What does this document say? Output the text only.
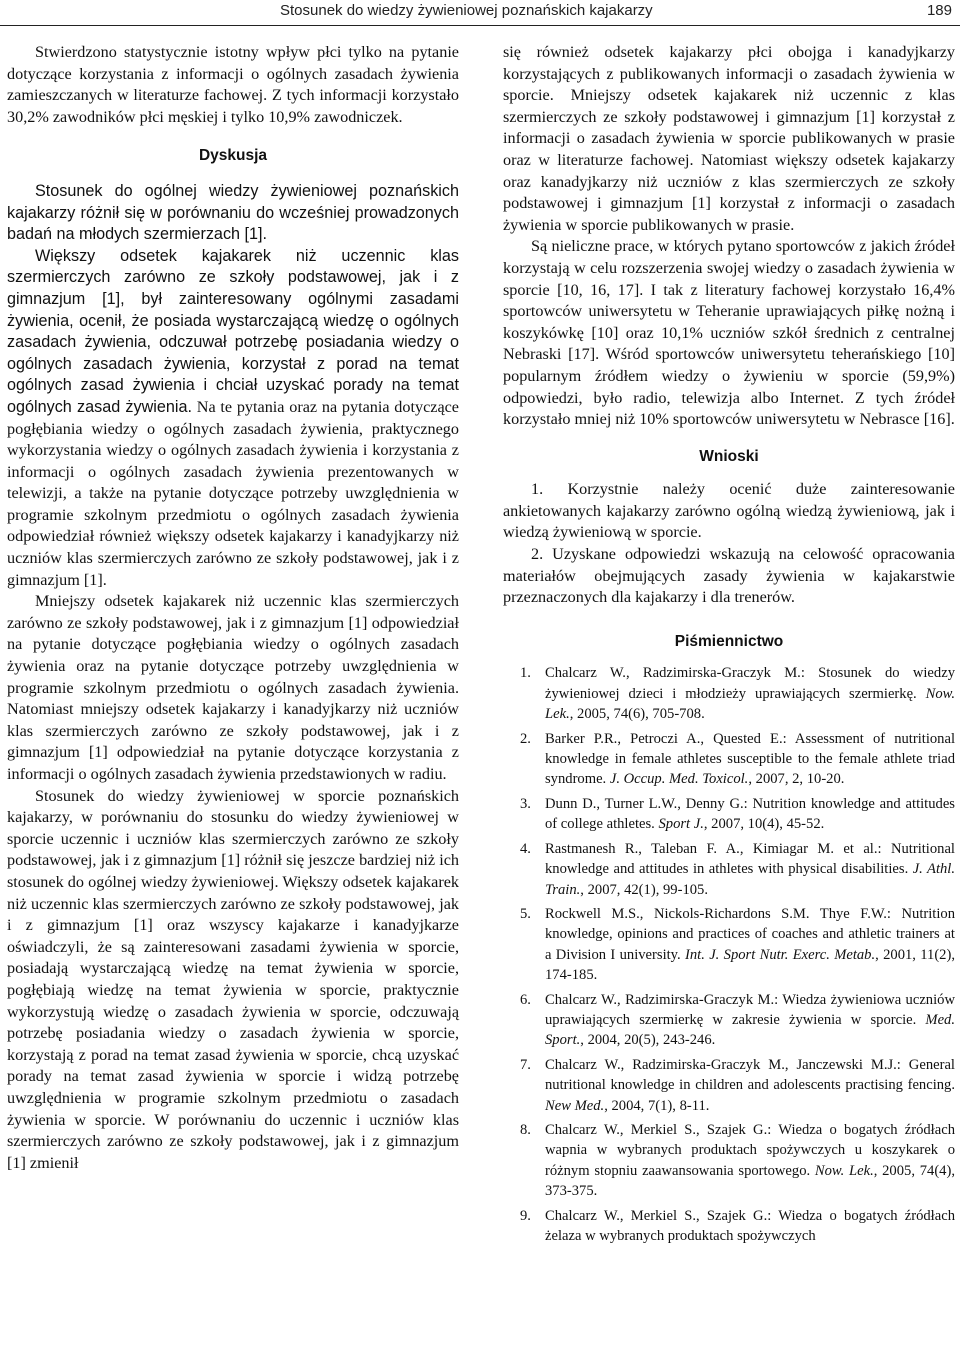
Stosunek do wiedzy żywieniowej poznańskich kajakarzy	189

Stwierdzono statystycznie istotny wpływ płci tylko na pytanie dotyczące korzystania z informacji o ogólnych zasadach żywienia zamieszczanych w literaturze fachowej. Z tych informacji korzystało 30,2% zawodników płci męskiej i tylko 10,9% zawodniczek.

Dyskusja

Stosunek do ogólnej wiedzy żywieniowej poznańskich kajakarzy różnił się w porównaniu do wcześniej prowadzonych badań na młodych szermierzach [1].

Większy odsetek kajakarek niż uczennic klas szermierczych zarówno ze szkoły podstawowej, jak i z gimnazjum [1], był zainteresowany ogólnymi zasadami żywienia, ocenił, że posiada wystarczającą wiedzę o ogólnych zasadach żywienia, odczuwał potrzebę posiadania wiedzy o ogólnych zasadach żywienia, korzystał z porad na temat ogólnych zasad żywienia i chciał uzyskać porady na temat ogólnych zasad żywienia. Na te pytania oraz na pytania dotyczące pogłębiania wiedzy o ogólnych zasadach żywienia, praktycznego wykorzystania wiedzy o ogólnych zasadach żywienia i korzystania z informacji o ogólnych zasadach żywienia prezentowanych w telewizji, a także na pytanie dotyczące potrzeby uwzględnienia w programie szkolnym przedmiotu o ogólnych zasadach żywienia odpowiedział również większy odsetek kajakarzy i kanadyjkarzy niż uczniów klas szermierczych zarówno ze szkoły podstawowej, jak i z gimnazjum [1].

Mniejszy odsetek kajakarek niż uczennic klas szermierczych zarówno ze szkoły podstawowej, jak i z gimnazjum [1] odpowiedział na pytanie dotyczące pogłębiania wiedzy o ogólnych zasadach żywienia oraz na pytanie dotyczące potrzeby uwzględnienia w programie szkolnym przedmiotu o ogólnych zasadach żywienia. Natomiast mniejszy odsetek kajakarzy i kanadyjkarzy niż uczniów klas szermierczych zarówno ze szkoły podstawowej, jak i z gimnazjum [1] odpowiedział na pytanie dotyczące korzystania z informacji o ogólnych zasadach żywienia przedstawionych w radiu.

Stosunek do wiedzy żywieniowej w sporcie poznańskich kajakarzy, w porównaniu do stosunku do wiedzy żywieniowej w sporcie uczennic i uczniów klas szermierczych zarówno ze szkoły podstawowej, jak i z gimnazjum [1] różnił się jeszcze bardziej niż ich stosunek do ogólnej wiedzy żywieniowej. Większy odsetek kajakarek niż uczennic klas szermierczych zarówno ze szkoły podstawowej, jak i z gimnazjum [1] oraz wszyscy kajakarze i kanadyjkarze oświadczyli, że są zainteresowani zasadami żywienia w sporcie, posiadają wystarczającą wiedzę na temat żywienia w sporcie, pogłębiają wiedzę na temat żywienia w sporcie, praktycznie wykorzystują wiedzę o zasadach żywienia w sporcie, odczuwają potrzebę posiadania wiedzy o zasadach żywienia w sporcie, korzystają z porad na temat zasad żywienia w sporcie, chcą uzyskać porady na temat zasad żywienia w sporcie i widzą potrzebę uwzględnienia w programie szkolnym przedmiotu o zasadach żywienia w sporcie. W porównaniu do uczennic i uczniów klas szermierczych zarówno ze szkoły podstawowej, jak i z gimnazjum [1] zmienił

się również odsetek kajakarzy płci obojga i kanadyjkarzy korzystających z publikowanych informacji o zasadach żywienia w sporcie. Mniejszy odsetek kajakarek niż uczennic z klas szermierczych ze szkoły podstawowej i gimnazjum [1] korzystał z informacji o zasadach żywienia w sporcie publikowanych w prasie oraz w literaturze fachowej. Natomiast większy odsetek kajakarzy oraz kanadyjkarzy niż uczniów z klas szermierczych ze szkoły podstawowej i gimnazjum [1] korzystał z informacji o zasadach żywienia w sporcie publikowanych w prasie.

Są nieliczne prace, w których pytano sportowców z jakich źródeł korzystają w celu rozszerzenia swojej wiedzy o zasadach żywienia w sporcie [10, 16, 17]. I tak z literatury fachowej korzystało 16,4% sportowców uniwersytetu w Teheranie uprawiających piłkę nożną i koszykówkę [10] oraz 10,1% uczniów szkół średnich z centralnej Nebraski [17]. Wśród sportowców uniwersytetu teherańskiego [10] popularnym źródłem wiedzy o żywieniu w sporcie (59,9%) odpowiedzi, było radio, telewizja albo Internet. Z tych źródeł korzystało mniej niż 10% sportowców uniwersytetu w Nebrasce [16].

Wnioski

1. Korzystnie należy ocenić duże zainteresowanie ankietowanych kajakarzy zarówno ogólną wiedzą żywieniową, jak i wiedzą żywieniową w sporcie.

2. Uzyskane odpowiedzi wskazują na celowość opracowania materiałów obejmujących zasady żywienia w kajakarstwie przeznaczonych dla kajakarzy i dla trenerów.

Piśmiennictwo
1. Chalcarz W., Radzimirska-Graczyk M.: Stosunek do wiedzy żywieniowej dzieci i młodzieży uprawiających szermierkę. Now. Lek., 2005, 74(6), 705-708.
2. Barker P.R., Petroczi A., Quested E.: Assessment of nutritional knowledge in female athletes susceptible to the female athlete triad syndrome. J. Occup. Med. Toxicol., 2007, 2, 10-20.
3. Dunn D., Turner L.W., Denny G.: Nutrition knowledge and attitudes of college athletes. Sport J., 2007, 10(4), 45-52.
4. Rastmanesh R., Taleban F. A., Kimiagar M. et al.: Nutritional knowledge and attitudes in athletes with physical disabilities. J. Athl. Train., 2007, 42(1), 99-105.
5. Rockwell M.S., Nickols-Richardons S.M. Thye F.W.: Nutrition knowledge, opinions and practices of coaches and athletic trainers at a Division I university. Int. J. Sport Nutr. Exerc. Metab., 2001, 11(2), 174-185.
6. Chalcarz W., Radzimirska-Graczyk M.: Wiedza żywieniowa uczniów uprawiających szermierkę w zakresie żywienia w sporcie. Med. Sport., 2004, 20(5), 243-246.
7. Chalcarz W., Radzimirska-Graczyk M., Janczewski M.J.: General nutritional knowledge in children and adolescents practising fencing. New Med., 2004, 7(1), 8-11.
8. Chalcarz W., Merkiel S., Szajek G.: Wiedza o bogatych źródłach wapnia w wybranych produktach spożywczych u koszykarek o różnym stopniu zaawansowania sportowego. Now. Lek., 2005, 74(4), 373-375.
9. Chalcarz W., Merkiel S., Szajek G.: Wiedza o bogatych źródłach żelaza w wybranych produktach spożywczych
